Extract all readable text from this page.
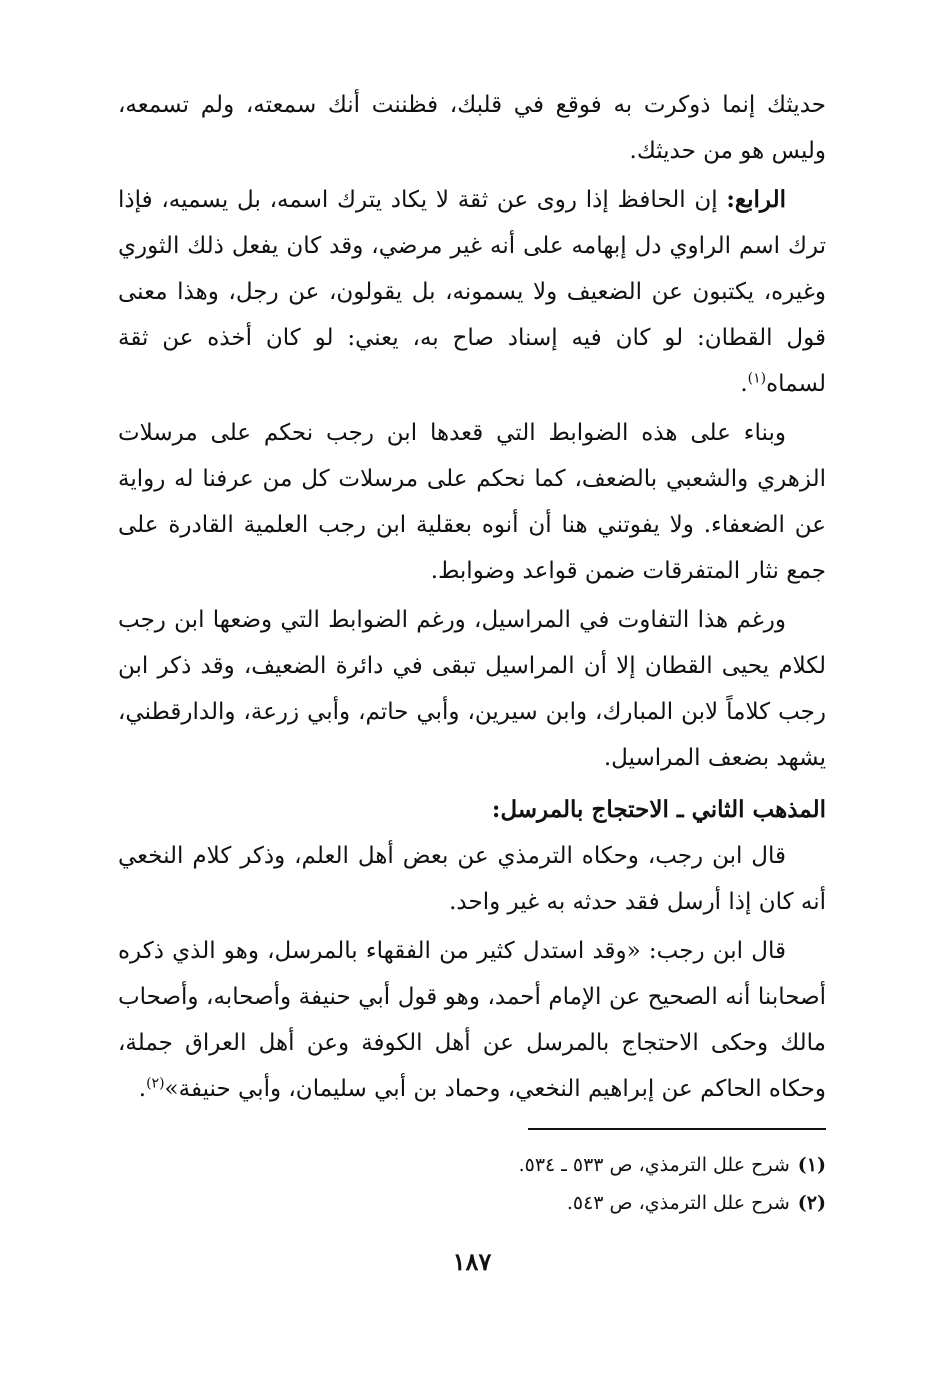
حديثك إنما ذوكرت به فوقع في قلبك، فظننت أنك سمعته، ولم تسمعه، وليس هو من حديثك.

الرابع: إن الحافظ إذا روى عن ثقة لا يكاد يترك اسمه، بل يسميه، فإذا ترك اسم الراوي دل إبهامه على أنه غير مرضي، وقد كان يفعل ذلك الثوري وغيره، يكتبون عن الضعيف ولا يسمونه، بل يقولون، عن رجل، وهذا معنى قول القطان: لو كان فيه إسناد صاح به، يعني: لو كان أخذه عن ثقة لسماه$^{(١)}$.

وبناء على هذه الضوابط التي قعدها ابن رجب نحكم على مرسلات الزهري والشعبي بالضعف، كما نحكم على مرسلات كل من عرفنا له رواية عن الضعفاء. ولا يفوتني هنا أن أنوه بعقلية ابن رجب العلمية القادرة على جمع نثار المتفرقات ضمن قواعد وضوابط.

ورغم هذا التفاوت في المراسيل، ورغم الضوابط التي وضعها ابن رجب لكلام يحيى القطان إلا أن المراسيل تبقى في دائرة الضعيف، وقد ذكر ابن رجب كلاماً لابن المبارك، وابن سيرين، وأبي حاتم، وأبي زرعة، والدارقطني، يشهد بضعف المراسيل.

المذهب الثاني ـ الاحتجاج بالمرسل:

قال ابن رجب، وحكاه الترمذي عن بعض أهل العلم، وذكر كلام النخعي أنه كان إذا أرسل فقد حدثه به غير واحد.

قال ابن رجب: «وقد استدل كثير من الفقهاء بالمرسل، وهو الذي ذكره أصحابنا أنه الصحيح عن الإمام أحمد، وهو قول أبي حنيفة وأصحابه، وأصحاب مالك وحكى الاحتجاج بالمرسل عن أهل الكوفة وعن أهل العراق جملة، وحكاه الحاكم عن إبراهيم النخعي، وحماد بن أبي سليمان، وأبي حنيفة»$^{(٢)}$.

(١)شرح علل الترمذي، ص ٥٣٣ ـ ٥٣٤.
(٢)شرح علل الترمذي، ص ٥٤٣.
١٨٧
